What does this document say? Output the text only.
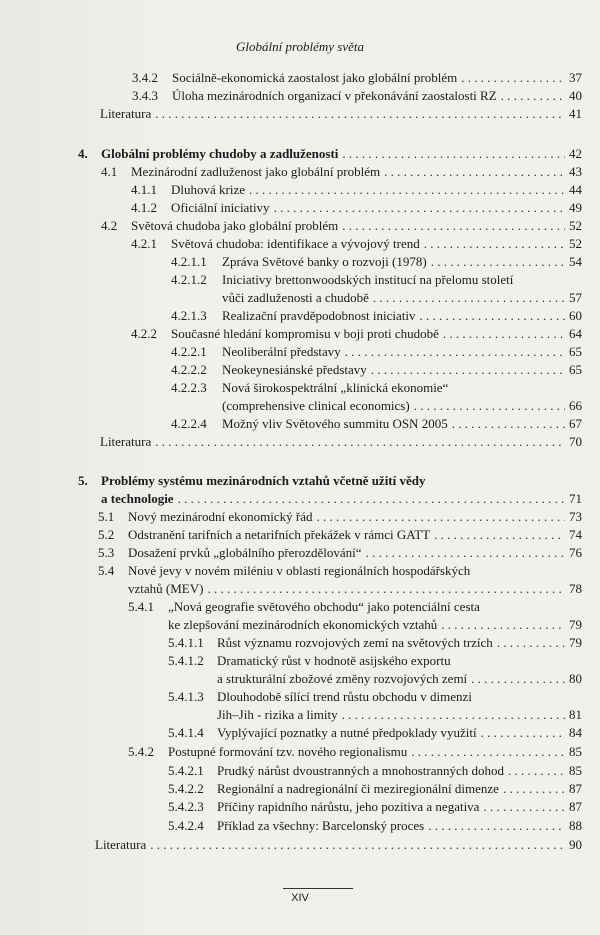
Globální problémy světa
3.4.2	Sociálně-ekonomická zaostalost jako globální problém . . .	37
3.4.3	Úloha mezinárodních organizací v překonávání zaostalosti RZ . . .	40
Literatura . . .	41
4.	Globální problémy chudoby a zadluženosti . . .	42
4.1	Mezinárodní zadluženost jako globální problém . . .	43
4.1.1	Dluhová krize . . .	44
4.1.2	Oficiální iniciativy . . .	49
4.2	Světová chudoba jako globální problém . . .	52
4.2.1	Světová chudoba: identifikace a vývojový trend . . .	52
4.2.1.1	Zpráva Světové banky o rozvoji (1978) . . .	54
4.2.1.2 Iniciativy brettonwoodských institucí na přelomu století
vůči zadluženosti a chudobě . . .	57
4.2.1.3	Realizační pravděpodobnost iniciativ . . .	60
4.2.2	Současné hledání kompromisu v boji proti chudobě . . .	64
4.2.2.1	Neoliberální představy . . .	65
4.2.2.2	Neokeynesiánské představy . . .	65
4.2.2.3 Nová širokospektrální „klinická ekonomie“
(comprehensive clinical economics) . . .	66
4.2.2.4	Možný vliv Světového summitu OSN 2005 . . .	67
Literatura . . .	70
5. Problémy systému mezinárodních vztahů včetně užití vědy
a technologie . . .	71
5.1	Nový mezinárodní ekonomický řád . . .	73
5.2	Odstranění tarifních a netarifních překážek v rámci GATT . . .	74
5.3	Dosažení prvků „globálního přerozdělování“ . . .	76
5.4 Nové jevy v novém miléniu v oblasti regionálních hospodářských
vztahů (MEV) . . .	78
5.4.1 „Nová geografie světového obchodu“ jako potenciální cesta
ke zlepšování mezinárodních ekonomických vztahů . . .	79
5.4.1.1	Růst významu rozvojových zemí na světových trzích . . .	79
5.4.1.2 Dramatický růst v hodnotě asijského exportu
a strukturální zbožové změny rozvojových zemí . . .	80
5.4.1.3 Dlouhodobě sílící trend růstu obchodu v dimenzi
Jih–Jih - rizika a limity . . .	81
5.4.1.4	Vyplývající poznatky a nutné předpoklady využití . . .	84
5.4.2	Postupné formování tzv. nového regionalismu . . .	85
5.4.2.1	Prudký nárůst dvoustranných a mnohostranných dohod . . .	85
5.4.2.2	Regionální a nadregionální či meziregionální dimenze . . .	87
5.4.2.3	Příčiny rapidního nárůstu, jeho pozitiva a negativa . . .	87
5.4.2.4	Příklad za všechny: Barcelonský proces . . .	88
Literatura . . .	90
XIV
